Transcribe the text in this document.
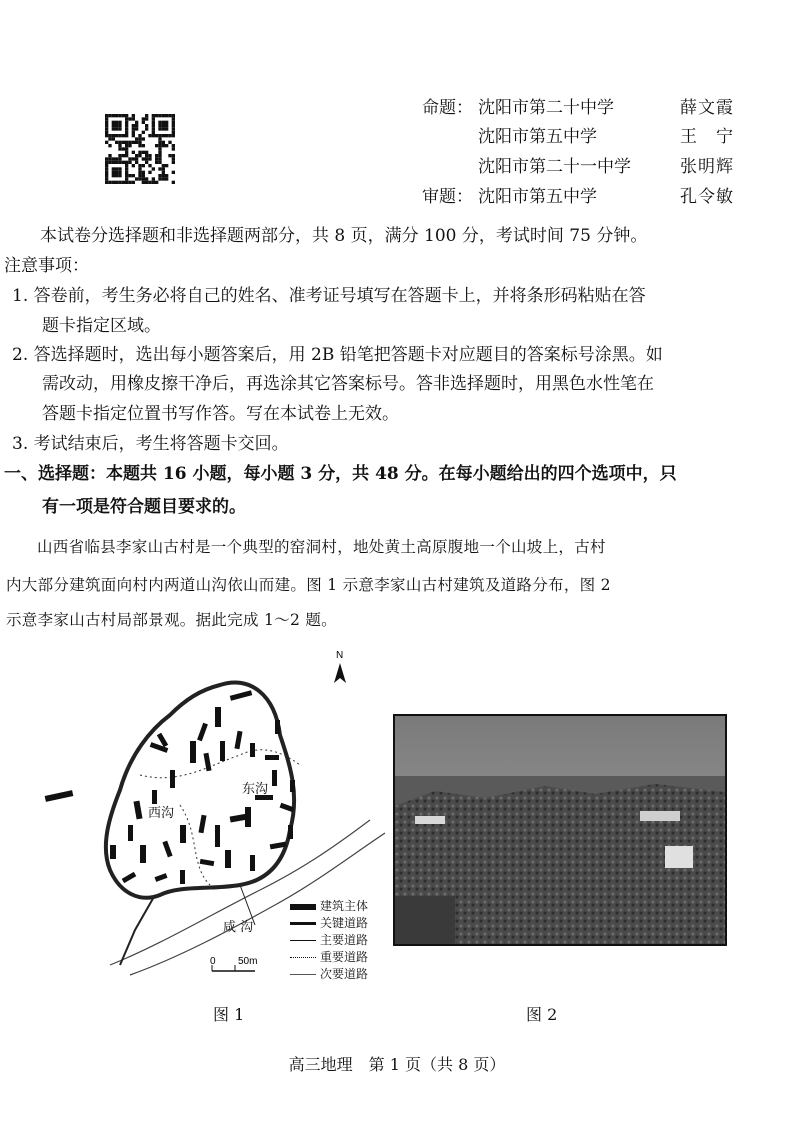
命题： 沈阳市第二十中学	薛文霞
沈阳市第五中学	王　宁
沈阳市第二十一中学	张明辉
审题： 沈阳市第五中学	孔令敏
本试卷分选择题和非选择题两部分，共 8 页，满分 100 分，考试时间 75 分钟。
注意事项：
1. 答卷前，考生务必将自己的姓名、准考证号填写在答题卡上，并将条形码粘贴在答
题卡指定区域。
2. 答选择题时，选出每小题答案后，用 2B 铅笔把答题卡对应题目的答案标号涂黑。如
需改动，用橡皮擦干净后，再选涂其它答案标号。答非选择题时，用黑色水性笔在
答题卡指定位置书写作答。写在本试卷上无效。
3. 考试结束后，考生将答题卡交回。
一、选择题：本题共 16 小题，每小题 3 分，共 48 分。在每小题给出的四个选项中，只
有一项是符合题目要求的。
山西省临县李家山古村是一个典型的窑洞村，地处黄土高原腹地一个山坡上，古村
内大部分建筑面向村内两道山沟依山而建。图 1 示意李家山古村建筑及道路分布，图 2
示意李家山古村局部景观。据此完成 1～2 题。
N
西沟
东沟
咸 沟
0 50m
建筑主体
关键道路
主要道路
重要道路
次要道路
图 1	图 2
高三地理　第 1 页（共 8 页）
